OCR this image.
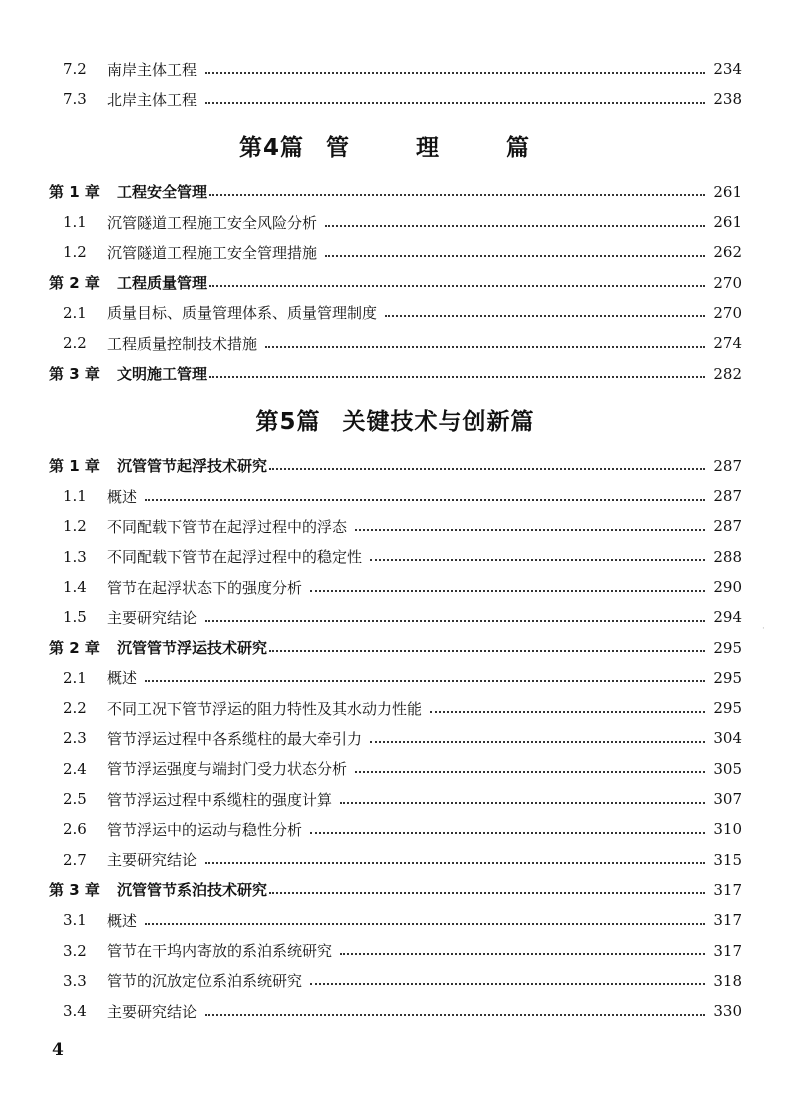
7.2	南岸主体工程	234
7.3	北岸主体工程	238
第4篇 管　理　篇
第 1 章	工程安全管理	261
1.1	沉管隧道工程施工安全风险分析	261
1.2	沉管隧道工程施工安全管理措施	262
第 2 章	工程质量管理	270
2.1	质量目标、质量管理体系、质量管理制度	270
2.2	工程质量控制技术措施	274
第 3 章	文明施工管理	282
第5篇 关键技术与创新篇
第 1 章	沉管管节起浮技术研究	287
1.1	概述	287
1.2	不同配载下管节在起浮过程中的浮态	287
1.3	不同配载下管节在起浮过程中的稳定性	288
1.4	管节在起浮状态下的强度分析	290
1.5	主要研究结论	294
第 2 章	沉管管节浮运技术研究	295
2.1	概述	295
2.2	不同工况下管节浮运的阻力特性及其水动力性能	295
2.3	管节浮运过程中各系缆柱的最大牵引力	304
2.4	管节浮运强度与端封门受力状态分析	305
2.5	管节浮运过程中系缆柱的强度计算	307
2.6	管节浮运中的运动与稳性分析	310
2.7	主要研究结论	315
第 3 章	沉管管节系泊技术研究	317
3.1	概述	317
3.2	管节在干坞内寄放的系泊系统研究	317
3.3	管节的沉放定位系泊系统研究	318
3.4	主要研究结论	330
4
·
